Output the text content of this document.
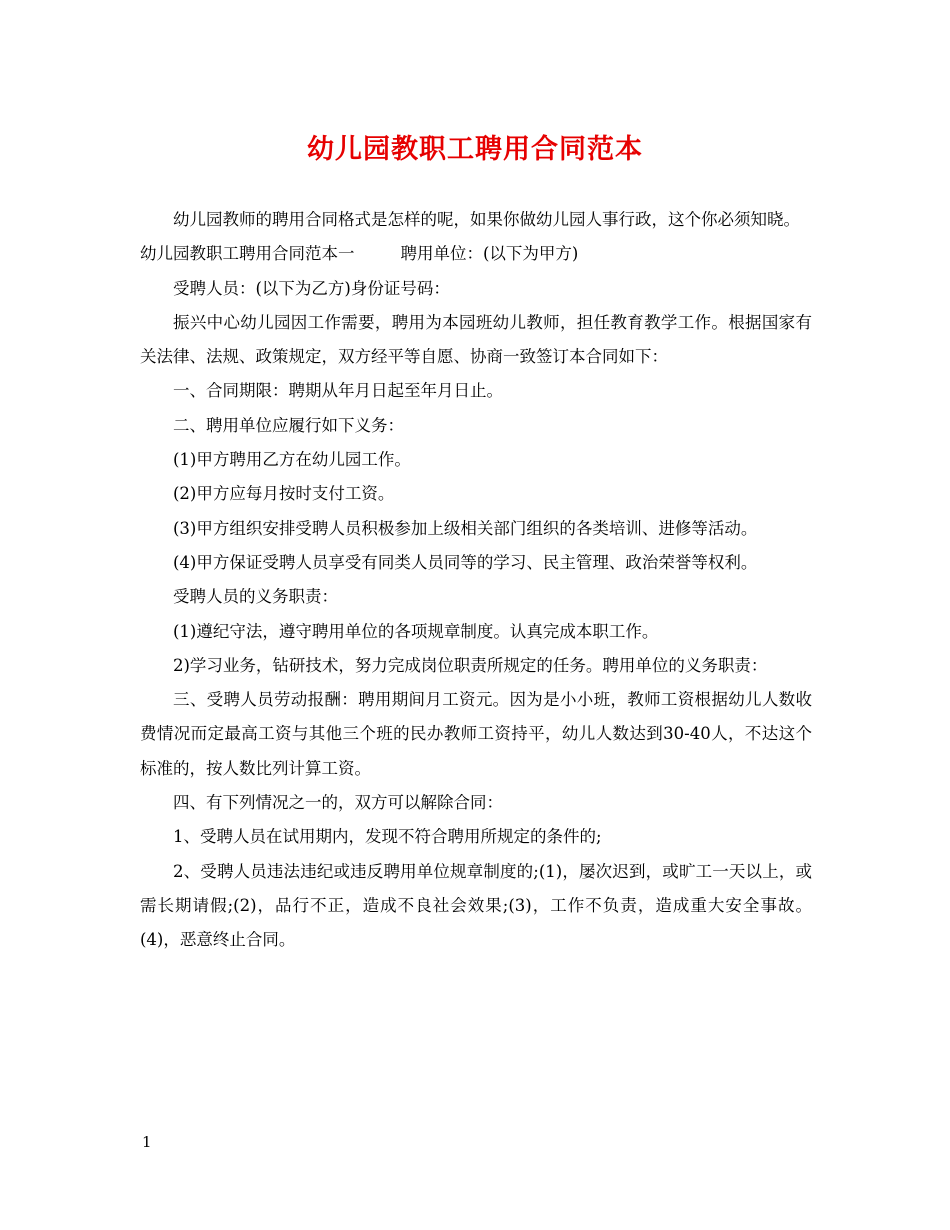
幼儿园教职工聘用合同范本

幼儿园教师的聘用合同格式是怎样的呢，如果你做幼儿园人事行政，这个你必须知晓。

幼儿园教职工聘用合同范本一	聘用单位：(以下为甲方)

受聘人员：(以下为乙方)身份证号码：

振兴中心幼儿园因工作需要，聘用为本园班幼儿教师，担任教育教学工作。根据国家有关法律、法规、政策规定，双方经平等自愿、协商一致签订本合同如下：

一、合同期限：聘期从年月日起至年月日止。

二、聘用单位应履行如下义务：

(1)甲方聘用乙方在幼儿园工作。

(2)甲方应每月按时支付工资。

(3)甲方组织安排受聘人员积极参加上级相关部门组织的各类培训、进修等活动。

(4)甲方保证受聘人员享受有同类人员同等的学习、民主管理、政治荣誉等权利。

受聘人员的义务职责：

(1)遵纪守法，遵守聘用单位的各项规章制度。认真完成本职工作。

2)学习业务，钻研技术，努力完成岗位职责所规定的任务。聘用单位的义务职责：

三、受聘人员劳动报酬：聘用期间月工资元。因为是小小班，教师工资根据幼儿人数收费情况而定最高工资与其他三个班的民办教师工资持平，幼儿人数达到30-40人，不达这个标准的，按人数比列计算工资。

四、有下列情况之一的，双方可以解除合同：

1、受聘人员在试用期内，发现不符合聘用所规定的条件的;

2、受聘人员违法违纪或违反聘用单位规章制度的;(1)，屡次迟到，或旷工一天以上，或需长期请假;(2)，品行不正，造成不良社会效果;(3)，工作不负责，造成重大安全事故。(4)，恶意终止合同。

1
